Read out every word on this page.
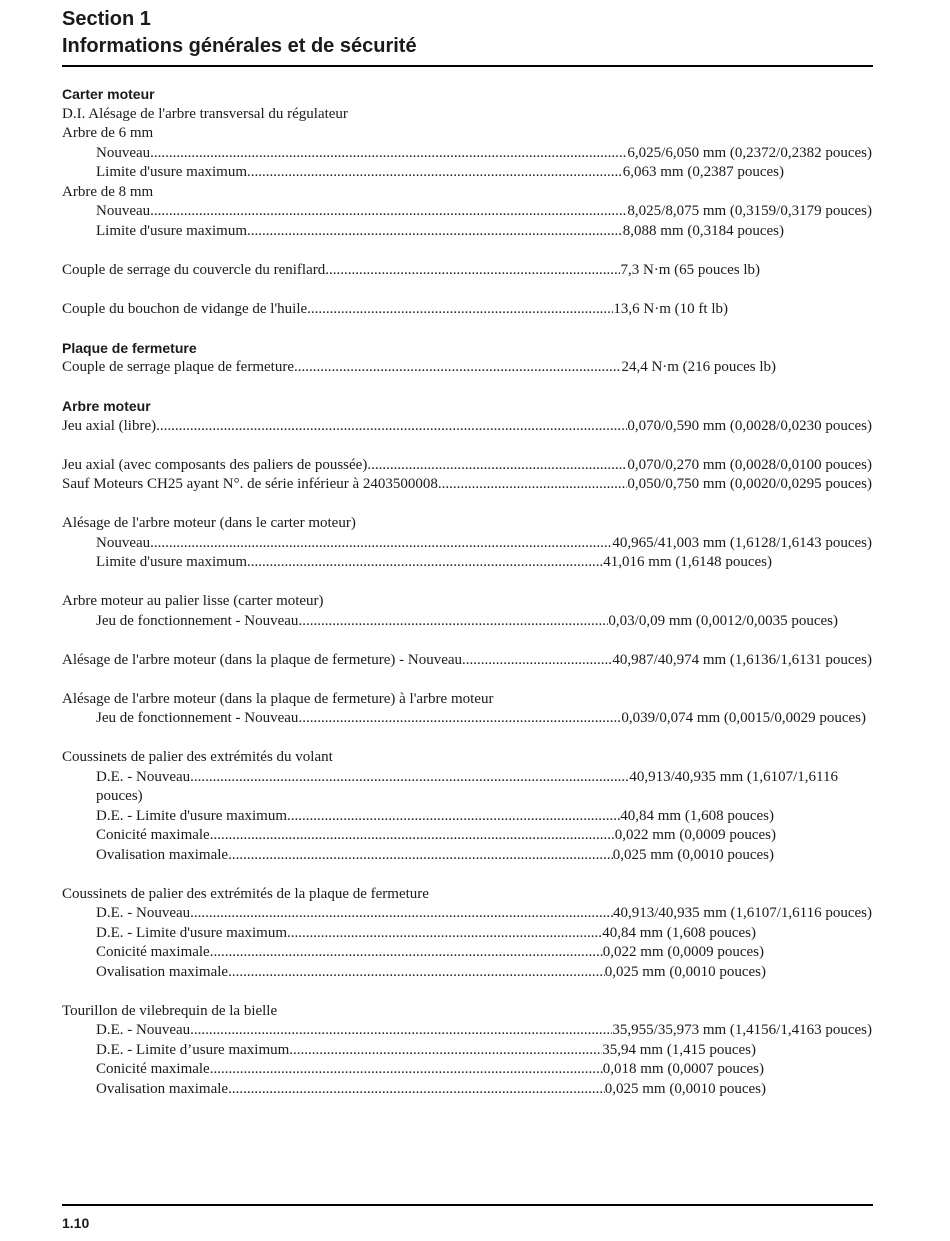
Section 1
Informations générales et de sécurité
Carter moteur
D.I. Alésage de l'arbre transversal du régulateur
Arbre de 6 mm
Nouveau .....	6,025/6,050 mm (0,2372/0,2382 pouces)
Limite d'usure maximum .....	6,063 mm (0,2387 pouces)
Arbre de 8 mm
Nouveau .....	8,025/8,075 mm (0,3159/0,3179 pouces)
Limite d'usure maximum .....	8,088 mm (0,3184 pouces)
Couple de serrage du couvercle du reniflard .....	7,3 N·m (65 pouces lb)
Couple du bouchon de vidange de l'huile .....	13,6 N·m (10 ft lb)
Plaque de fermeture
Couple de serrage plaque de fermeture .....	24,4 N·m (216 pouces lb)
Arbre moteur
Jeu axial (libre) .....	0,070/0,590 mm (0,0028/0,0230 pouces)
Jeu axial (avec composants des paliers de poussée) .....	0,070/0,270 mm (0,0028/0,0100 pouces)
Sauf Moteurs CH25 ayant N°. de série inférieur à 2403500008 .....	0,050/0,750 mm (0,0020/0,0295 pouces)
Alésage de l'arbre moteur (dans le carter moteur)
Nouveau .....	40,965/41,003 mm (1,6128/1,6143 pouces)
Limite d'usure maximum .....	41,016 mm (1,6148 pouces)
Arbre moteur au palier lisse (carter moteur)
Jeu de fonctionnement - Nouveau .....	0,03/0,09 mm (0,0012/0,0035 pouces)
Alésage de l'arbre moteur (dans la plaque de fermeture) - Nouveau .....	40,987/40,974 mm (1,6136/1,6131 pouces)
Alésage de l'arbre moteur (dans la plaque de fermeture) à l'arbre moteur
Jeu de fonctionnement - Nouveau .....	0,039/0,074 mm (0,0015/0,0029 pouces)
Coussinets de palier des extrémités du volant
D.E. - Nouveau .....	40,913/40,935 mm (1,6107/1,6116
pouces)
D.E. - Limite d'usure maximum .....	40,84 mm (1,608 pouces)
Conicité maximale .....	0,022 mm (0,0009 pouces)
Ovalisation maximale .....	0,025 mm (0,0010 pouces)
Coussinets de palier des extrémités de la plaque de fermeture
D.E. - Nouveau .....	40,913/40,935 mm (1,6107/1,6116 pouces)
D.E. - Limite d'usure maximum .....	40,84 mm (1,608 pouces)
Conicité maximale .....	0,022 mm (0,0009 pouces)
Ovalisation maximale .....	0,025 mm (0,0010 pouces)
Tourillon de vilebrequin de la bielle
D.E. - Nouveau .....	35,955/35,973 mm (1,4156/1,4163 pouces)
D.E. - Limite d’usure maximum .....	35,94 mm (1,415 pouces)
Conicité maximale .....	0,018 mm (0,0007 pouces)
Ovalisation maximale .....	0,025 mm (0,0010 pouces)
1.10
